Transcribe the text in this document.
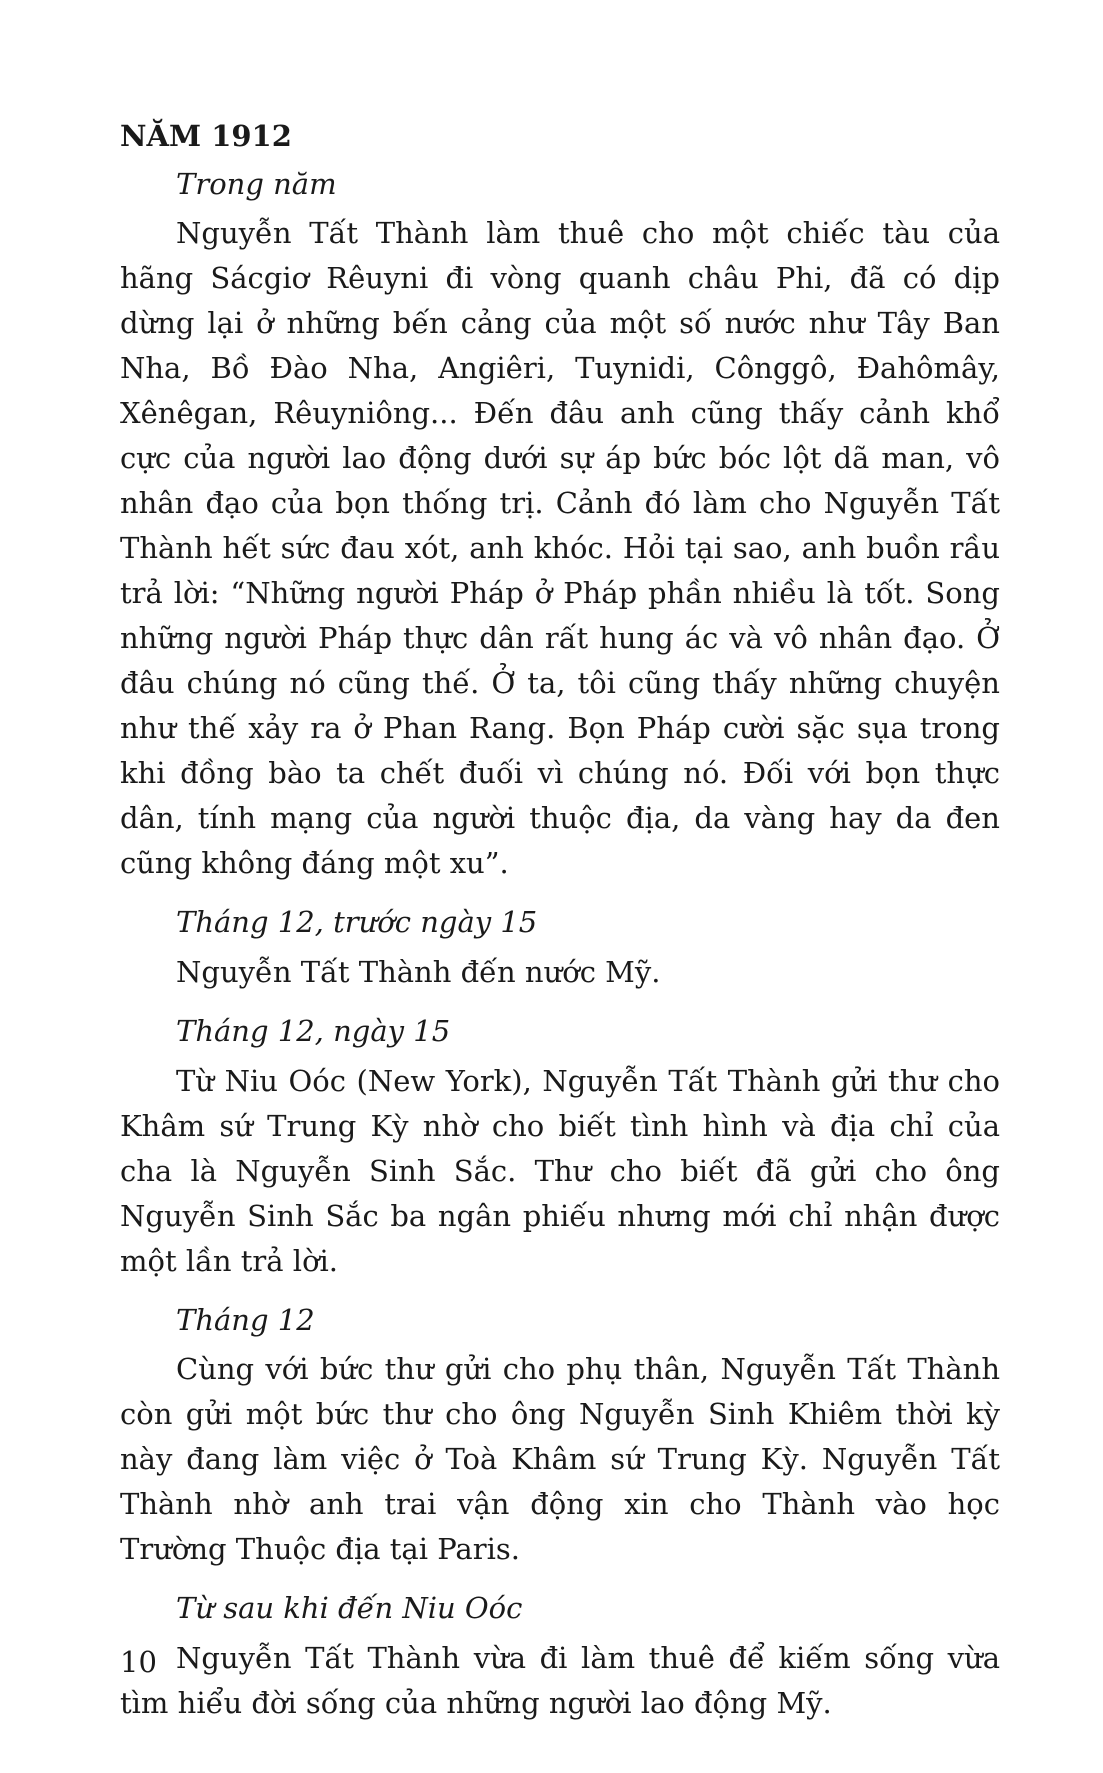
NĂM 1912
Trong năm
Nguyễn Tất Thành làm thuê cho một chiếc tàu của hãng Sácgiơ Rêuyni đi vòng quanh châu Phi, đã có dịp dừng lại ở những bến cảng của một số nước như Tây Ban Nha, Bồ Đào Nha, Angiêri, Tuynidi, Cônggô, Đahômây, Xênêgan, Rêuyniông... Đến đâu anh cũng thấy cảnh khổ cực của người lao động dưới sự áp bức bóc lột dã man, vô nhân đạo của bọn thống trị. Cảnh đó làm cho Nguyễn Tất Thành hết sức đau xót, anh khóc. Hỏi tại sao, anh buồn rầu trả lời: “Những người Pháp ở Pháp phần nhiều là tốt. Song những người Pháp thực dân rất hung ác và vô nhân đạo. Ở đâu chúng nó cũng thế. Ở ta, tôi cũng thấy những chuyện như thế xảy ra ở Phan Rang. Bọn Pháp cười sặc sụa trong khi đồng bào ta chết đuối vì chúng nó. Đối với bọn thực dân, tính mạng của người thuộc địa, da vàng hay da đen cũng không đáng một xu”.
Tháng 12, trước ngày 15
Nguyễn Tất Thành đến nước Mỹ.
Tháng 12, ngày 15
Từ Niu Oóc (New York), Nguyễn Tất Thành gửi thư cho Khâm sứ Trung Kỳ nhờ cho biết tình hình và địa chỉ của cha là Nguyễn Sinh Sắc. Thư cho biết đã gửi cho ông Nguyễn Sinh Sắc ba ngân phiếu nhưng mới chỉ nhận được một lần trả lời.
Tháng 12
Cùng với bức thư gửi cho phụ thân, Nguyễn Tất Thành còn gửi một bức thư cho ông Nguyễn Sinh Khiêm thời kỳ này đang làm việc ở Toà Khâm sứ Trung Kỳ. Nguyễn Tất Thành nhờ anh trai vận động xin cho Thành vào học Trường Thuộc địa tại Paris.
Từ sau khi đến Niu Oóc
Nguyễn Tất Thành vừa đi làm thuê để kiếm sống vừa tìm hiểu đời sống của những người lao động Mỹ.
10
